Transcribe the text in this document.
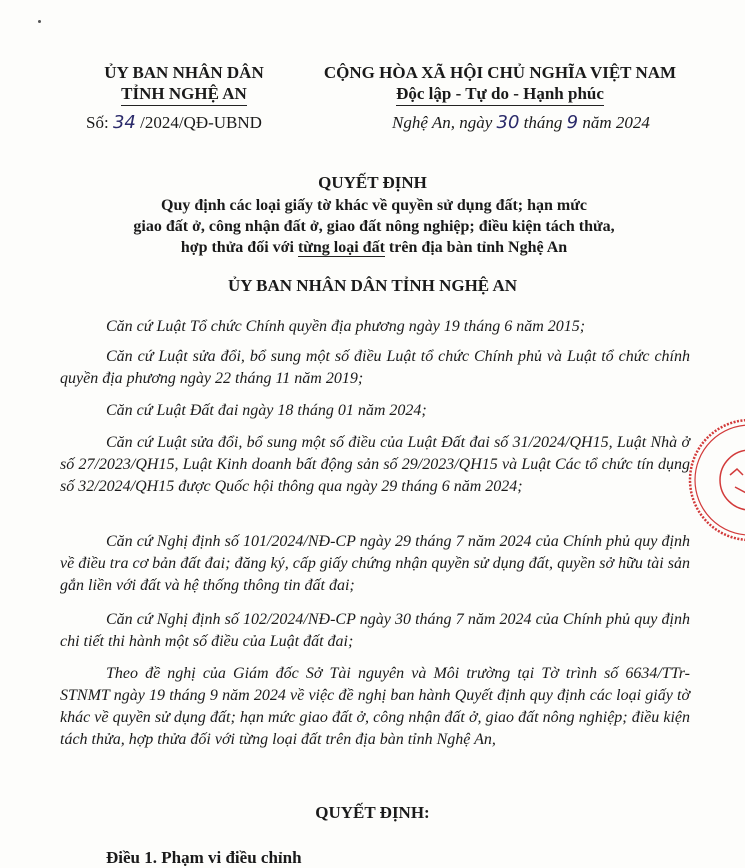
ỦY BAN NHÂN DÂN
TỈNH NGHỆ AN
CỘNG HÒA XÃ HỘI CHỦ NGHĨA VIỆT NAM
Độc lập - Tự do - Hạnh phúc
Số: 34 /2024/QĐ-UBND	Nghệ An, ngày 30 tháng 9 năm 2024
QUYẾT ĐỊNH
Quy định các loại giấy tờ khác về quyền sử dụng đất; hạn mức
giao đất ở, công nhận đất ở, giao đất nông nghiệp; điều kiện tách thửa,
hợp thửa đối với từng loại đất trên địa bàn tỉnh Nghệ An
ỦY BAN NHÂN DÂN TỈNH NGHỆ AN
Căn cứ Luật Tổ chức Chính quyền địa phương ngày 19 tháng 6 năm 2015;
Căn cứ Luật sửa đổi, bổ sung một số điều Luật tổ chức Chính phủ và Luật tổ chức chính quyền địa phương ngày 22 tháng 11 năm 2019;
Căn cứ Luật Đất đai ngày 18 tháng 01 năm 2024;
Căn cứ Luật sửa đổi, bổ sung một số điều của Luật Đất đai số 31/2024/QH15, Luật Nhà ở số 27/2023/QH15, Luật Kinh doanh bất động sản số 29/2023/QH15 và Luật Các tổ chức tín dụng số 32/2024/QH15 được Quốc hội thông qua ngày 29 tháng 6 năm 2024;
Căn cứ Nghị định số 101/2024/NĐ-CP ngày 29 tháng 7 năm 2024 của Chính phủ quy định về điều tra cơ bản đất đai; đăng ký, cấp giấy chứng nhận quyền sử dụng đất, quyền sở hữu tài sản gắn liền với đất và hệ thống thông tin đất đai;
Căn cứ Nghị định số 102/2024/NĐ-CP ngày 30 tháng 7 năm 2024 của Chính phủ quy định chi tiết thi hành một số điều của Luật đất đai;
Theo đề nghị của Giám đốc Sở Tài nguyên và Môi trường tại Tờ trình số 6634/TTr-STNMT ngày 19 tháng 9 năm 2024 về việc đề nghị ban hành Quyết định quy định các loại giấy tờ khác về quyền sử dụng đất; hạn mức giao đất ở, công nhận đất ở, giao đất nông nghiệp; điều kiện tách thửa, hợp thửa đối với từng loại đất trên địa bàn tỉnh Nghệ An,
QUYẾT ĐỊNH:
Điều 1. Phạm vi điều chỉnh
